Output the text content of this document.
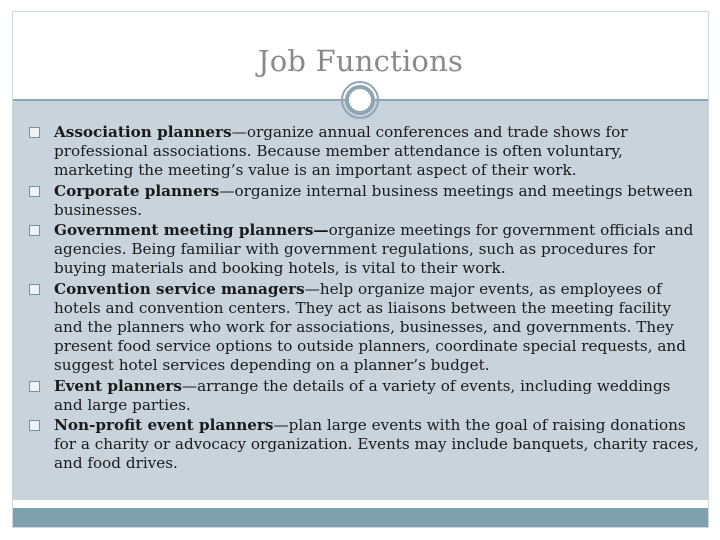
Job Functions
Association planners—organize annual conferences and trade shows for professional associations. Because member attendance is often voluntary, marketing the meeting’s value is an important aspect of their work.
Corporate planners—organize internal business meetings and meetings between businesses.
Government meeting planners—organize meetings for government officials and agencies. Being familiar with government regulations, such as procedures for buying materials and booking hotels, is vital to their work.
Convention service managers—help organize major events, as employees of hotels and convention centers. They act as liaisons between the meeting facility and the planners who work for associations, businesses, and governments. They present food service options to outside planners, coordinate special requests, and suggest hotel services depending on a planner’s budget.
Event planners—arrange the details of a variety of events, including weddings and large parties.
Non-profit event planners—plan large events with the goal of raising donations for a charity or advocacy organization. Events may include banquets, charity races, and food drives.
